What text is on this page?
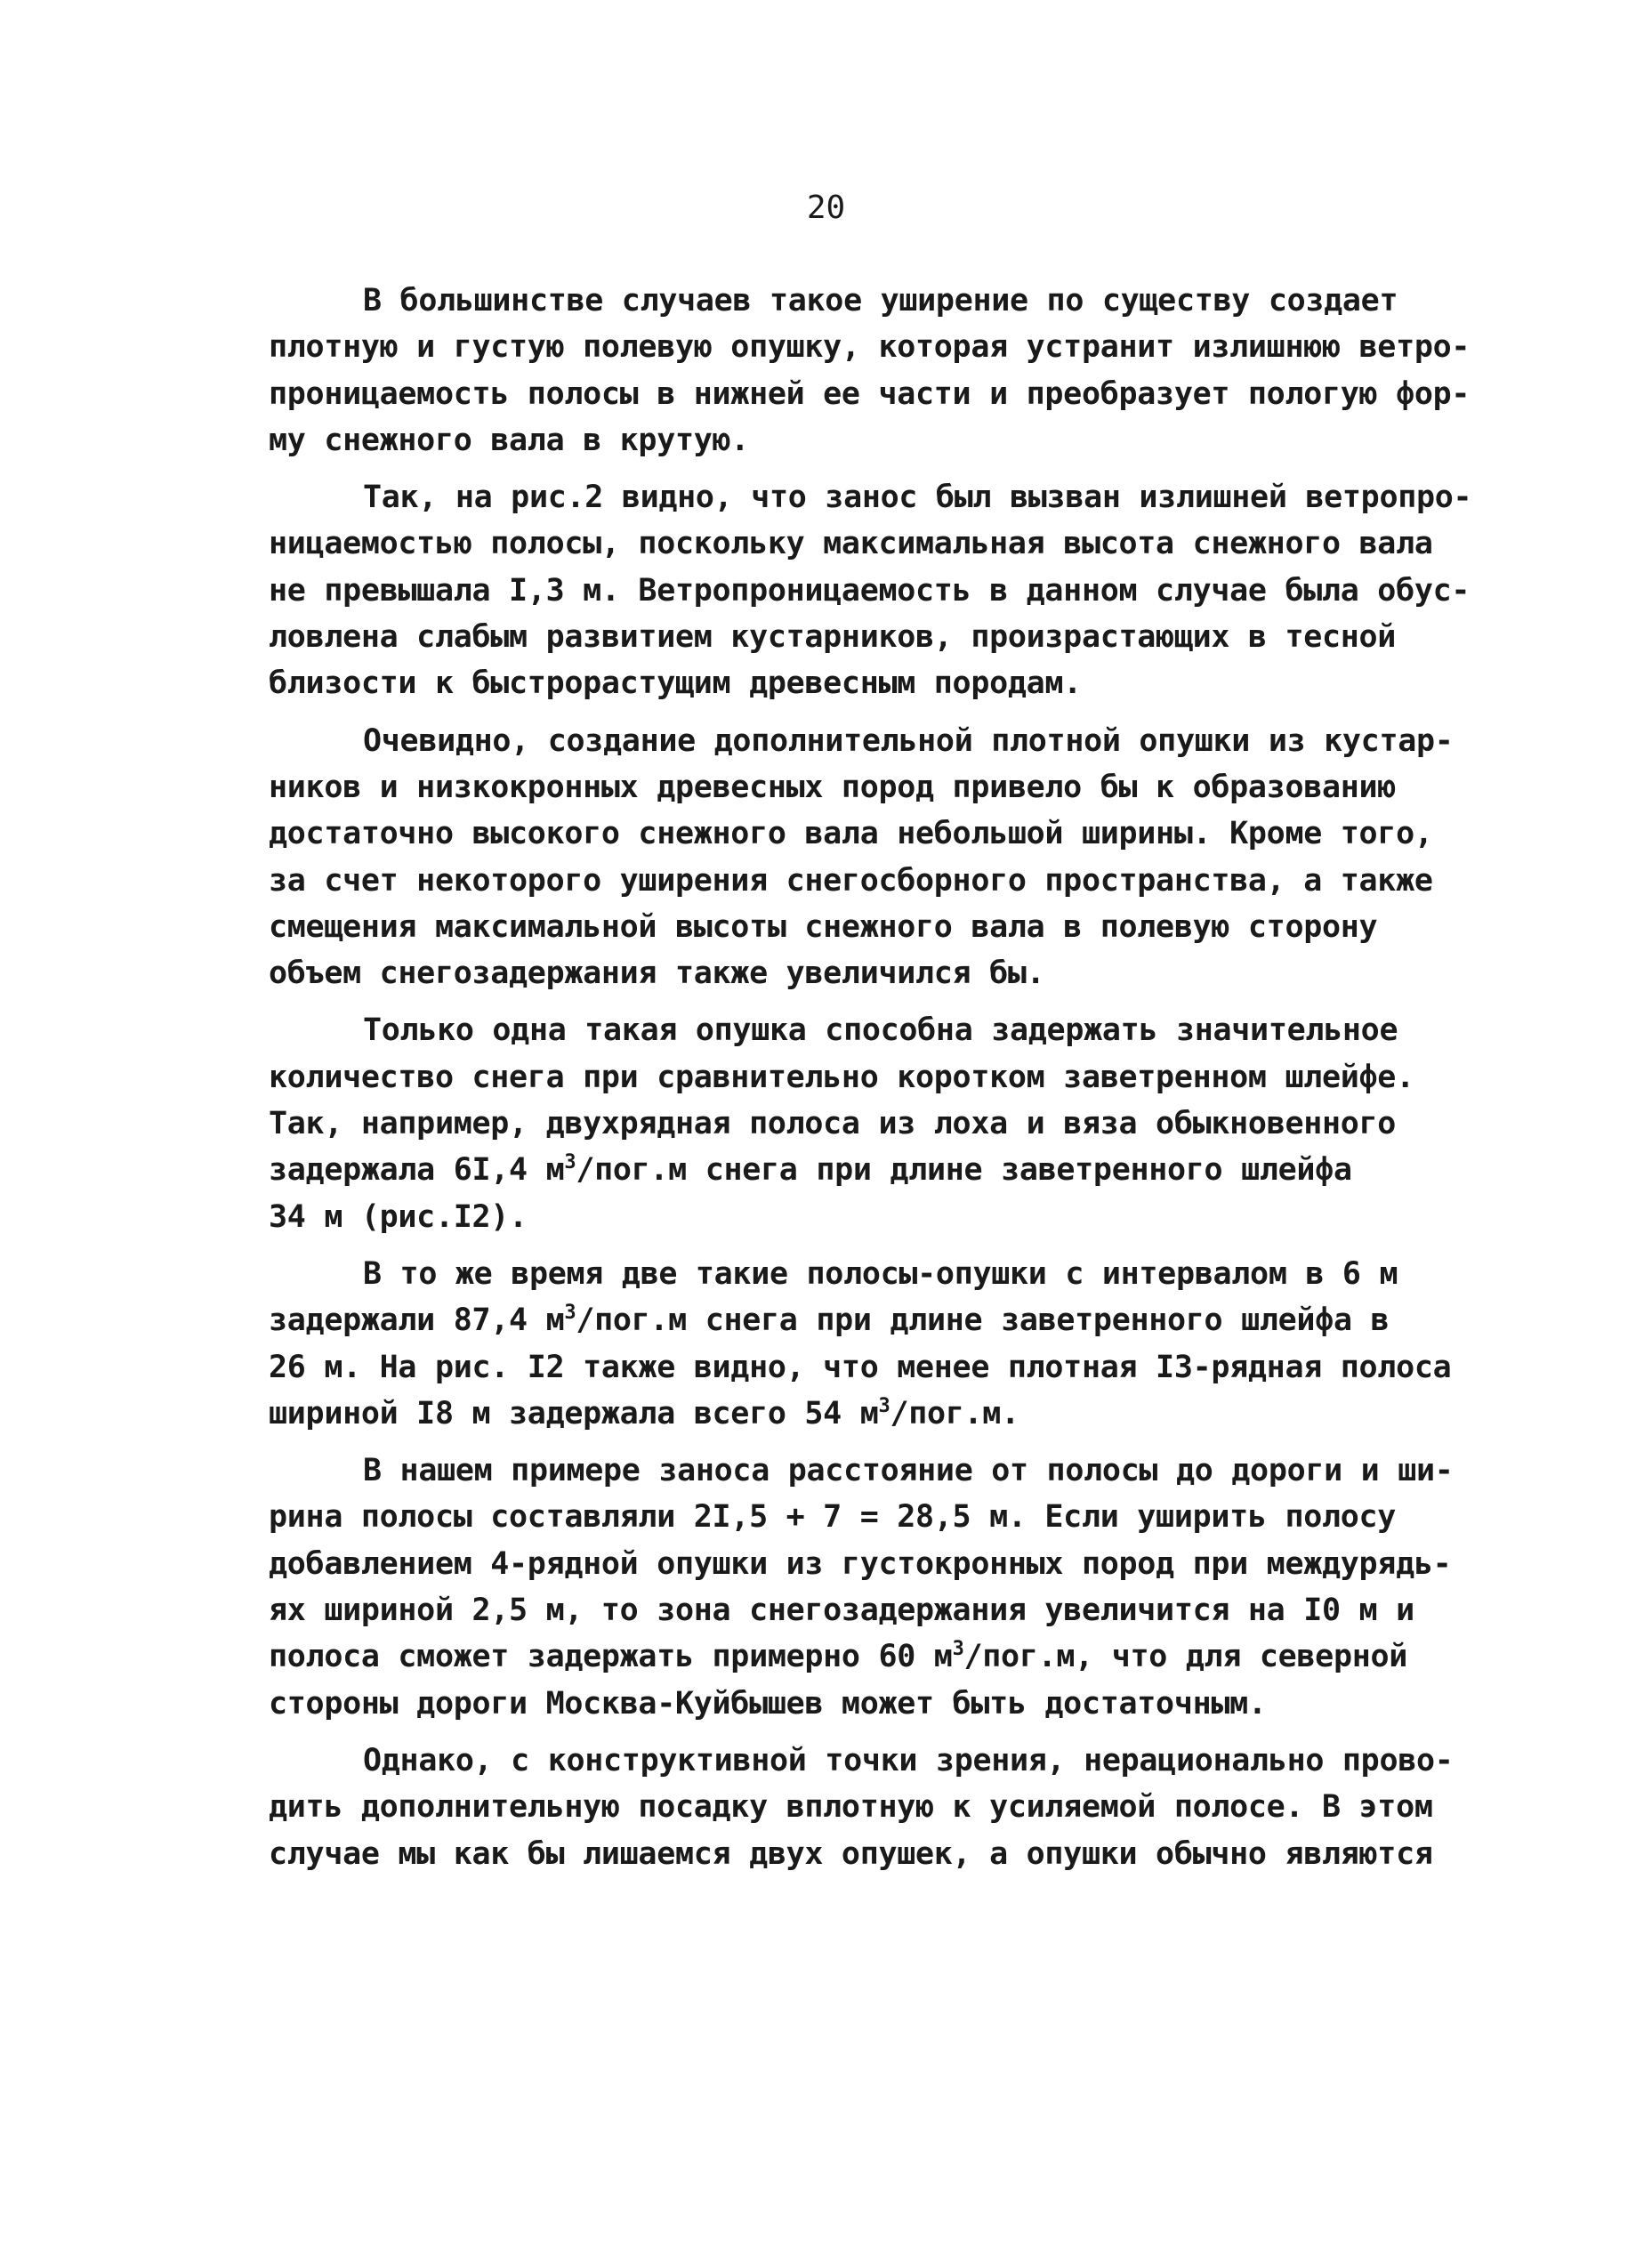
20

В большинстве случаев такое уширение по существу создает
плотную и густую полевую опушку, которая устранит излишнюю ветро-
проницаемость полосы в нижней ее части и преобразует пологую фор-
му снежного вала в крутую.

Так, на рис.2 видно, что занос был вызван излишней ветропро-
ницаемостью полосы, поскольку максимальная высота снежного вала
не превышала I,3 м. Ветропроницаемость в данном случае была обус-
ловлена слабым развитием кустарников, произрастающих в тесной
близости к быстрорастущим древесным породам.

Очевидно, создание дополнительной плотной опушки из кустар-
ников и низкокронных древесных пород привело бы к образованию
достаточно высокого снежного вала небольшой ширины. Кроме того,
за счет некоторого уширения снегосборного пространства, а также
смещения максимальной высоты снежного вала в полевую сторону
объем снегозадержания также увеличился бы.

Только одна такая опушка способна задержать значительное
количество снега при сравнительно коротком заветренном шлейфе.
Так, например, двухрядная полоса из лоха и вяза обыкновенного
задержала 6I,4 $м^3/пог.м$ снега при длине заветренного шлейфа
34 м (рис.I2).

В то же время две такие полосы-опушки с интервалом в 6 м
задержали 87,4 $м^3/пог.м$ снега при длине заветренного шлейфа в
26 м. На рис. I2 также видно, что менее плотная I3-рядная полоса
шириной I8 м задержала всего 54 $м^3/пог.м$.

В нашем примере заноса расстояние от полосы до дороги и ши-
рина полосы составляли 2I,5 + 7 = 28,5 м. Если уширить полосу
добавлением 4-рядной опушки из густокронных пород при междурядь-
ях шириной 2,5 м, то зона снегозадержания увеличится на I0 м и
полоса сможет задержать примерно 60 $м^3/пог.м$, что для северной
стороны дороги Москва-Куйбышев может быть достаточным.

Однако, с конструктивной точки зрения, нерационально прово-
дить дополнительную посадку вплотную к усиляемой полосе. В этом
случае мы как бы лишаемся двух опушек, а опушки обычно являются
